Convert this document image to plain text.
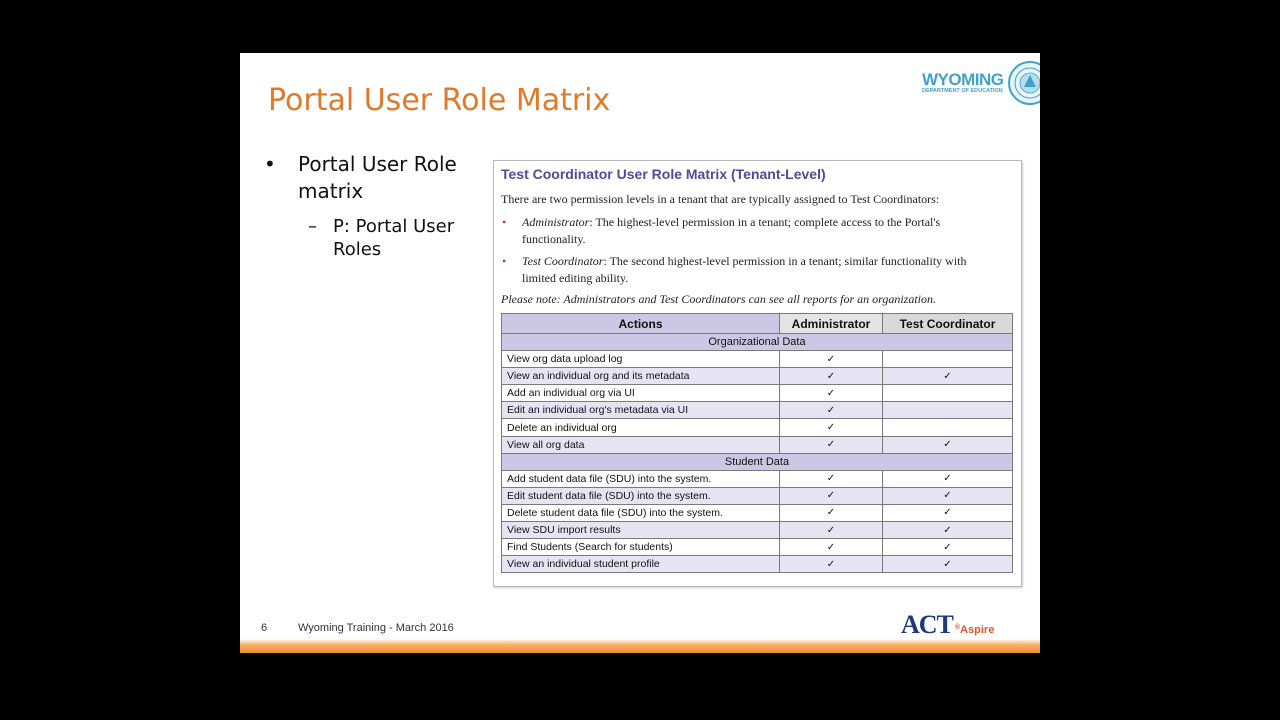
Portal User Role Matrix
WYOMING
DEPARTMENT OF EDUCATION
• Portal User Role matrix
– P: Portal User Roles
Test Coordinator User Role Matrix (Tenant-Level)
There are two permission levels in a tenant that are typically assigned to Test Coordinators:
• Administrator: The highest-level permission in a tenant; complete access to the Portal's
functionality.
• Test Coordinator: The second highest-level permission in a tenant; similar functionality with
limited editing ability.
Please note: Administrators and Test Coordinators can see all reports for an organization.
Actions	Administrator	Test Coordinator
Organizational Data		
View org data upload log	✓	
View an individual org and its metadata	✓	✓
Add an individual org via UI	✓	
Edit an individual org's metadata via UI	✓	
Delete an individual org	✓	
View all org data	✓	✓
Student Data		
Add student data file (SDU) into the system.	✓	✓
Edit student data file (SDU) into the system.	✓	✓
Delete student data file (SDU) into the system.	✓	✓
View SDU import results	✓	✓
Find Students (Search for students)	✓	✓
View an individual student profile	✓	✓
6	Wyoming Training - March 2016	ACT ®Aspire
